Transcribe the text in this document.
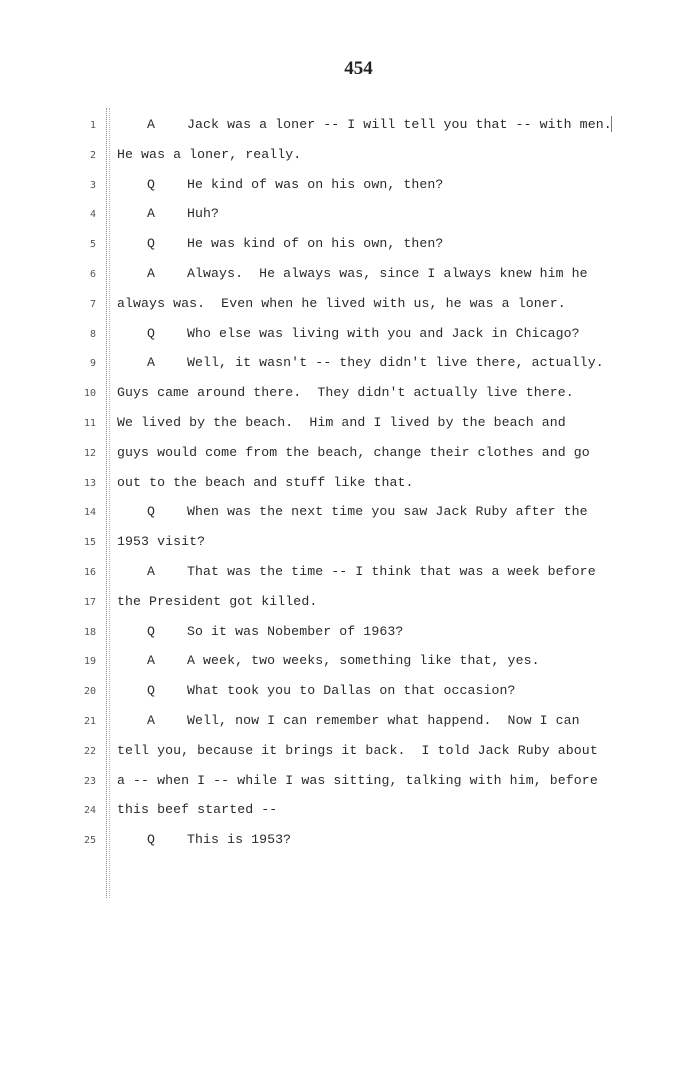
454
1	A Jack was a loner -- I will tell you that -- with men.
2 He was a loner, really.
3	Q He kind of was on his own, then?
4	A Huh?
5	Q He was kind of on his own, then?
6	A Always.  He always was, since I always knew him he
7 always was.  Even when he lived with us, he was a loner.
8	Q Who else was living with you and Jack in Chicago?
9	A Well, it wasn't -- they didn't live there, actually.
10 Guys came around there.  They didn't actually live there.
11 We lived by the beach.  Him and I lived by the beach and
12 guys would come from the beach, change their clothes and go
13 out to the beach and stuff like that.
14	Q When was the next time you saw Jack Ruby after the
15 1953 visit?
16	A That was the time -- I think that was a week before
17 the President got killed.
18	Q So it was Nobember of 1963?
19	A A week, two weeks, something like that, yes.
20	Q What took you to Dallas on that occasion?
21	A Well, now I can remember what happend.  Now I can
22 tell you, because it brings it back.  I told Jack Ruby about
23 a -- when I -- while I was sitting, talking with him, before
24 this beef started --
25	Q This is 1953?
